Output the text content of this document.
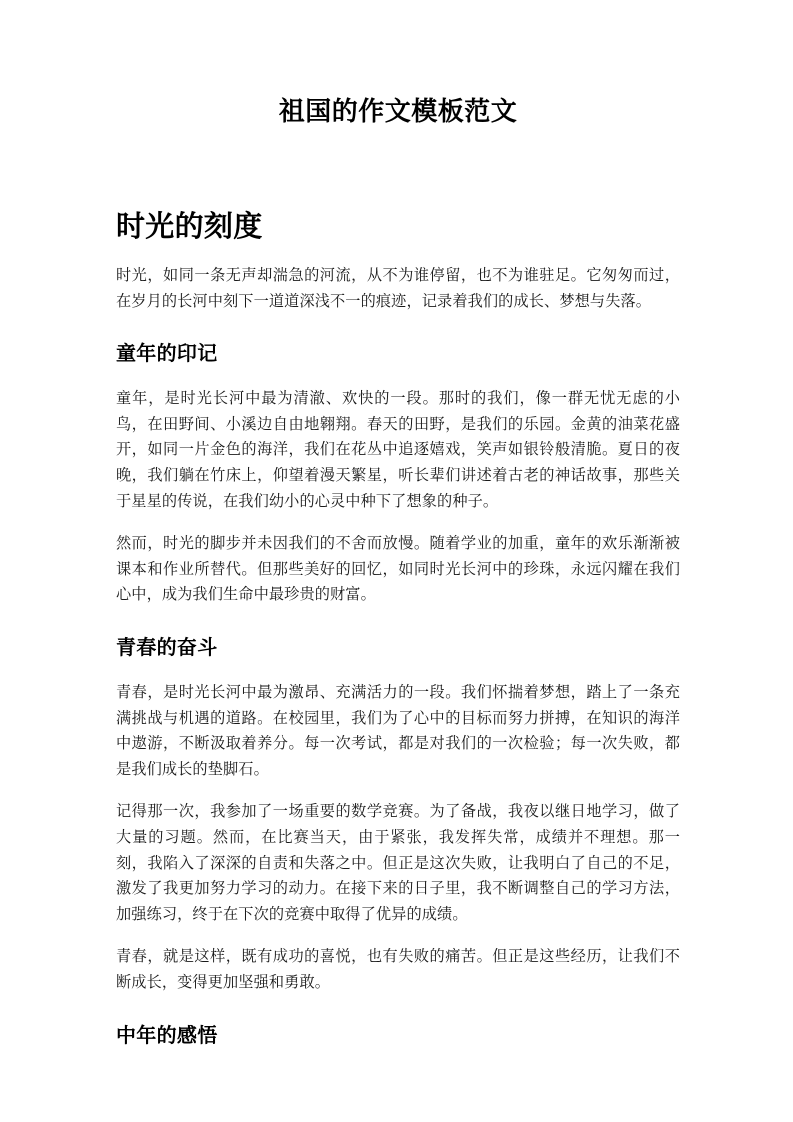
祖国的作文模板范文
时光的刻度

时光，如同一条无声却湍急的河流，从不为谁停留，也不为谁驻足。它匆匆而过，在岁月的长河中刻下一道道深浅不一的痕迹，记录着我们的成长、梦想与失落。

童年的印记

童年，是时光长河中最为清澈、欢快的一段。那时的我们，像一群无忧无虑的小鸟，在田野间、小溪边自由地翱翔。春天的田野，是我们的乐园。金黄的油菜花盛开，如同一片金色的海洋，我们在花丛中追逐嬉戏，笑声如银铃般清脆。夏日的夜晚，我们躺在竹床上，仰望着漫天繁星，听长辈们讲述着古老的神话故事，那些关于星星的传说，在我们幼小的心灵中种下了想象的种子。

然而，时光的脚步并未因我们的不舍而放慢。随着学业的加重，童年的欢乐渐渐被课本和作业所替代。但那些美好的回忆，如同时光长河中的珍珠，永远闪耀在我们心中，成为我们生命中最珍贵的财富。

青春的奋斗

青春，是时光长河中最为激昂、充满活力的一段。我们怀揣着梦想，踏上了一条充满挑战与机遇的道路。在校园里，我们为了心中的目标而努力拼搏，在知识的海洋中遨游，不断汲取着养分。每一次考试，都是对我们的一次检验；每一次失败，都是我们成长的垫脚石。

记得那一次，我参加了一场重要的数学竞赛。为了备战，我夜以继日地学习，做了大量的习题。然而，在比赛当天，由于紧张，我发挥失常，成绩并不理想。那一刻，我陷入了深深的自责和失落之中。但正是这次失败，让我明白了自己的不足，激发了我更加努力学习的动力。在接下来的日子里，我不断调整自己的学习方法，加强练习，终于在下次的竞赛中取得了优异的成绩。

青春，就是这样，既有成功的喜悦，也有失败的痛苦。但正是这些经历，让我们不断成长，变得更加坚强和勇敢。

中年的感悟
